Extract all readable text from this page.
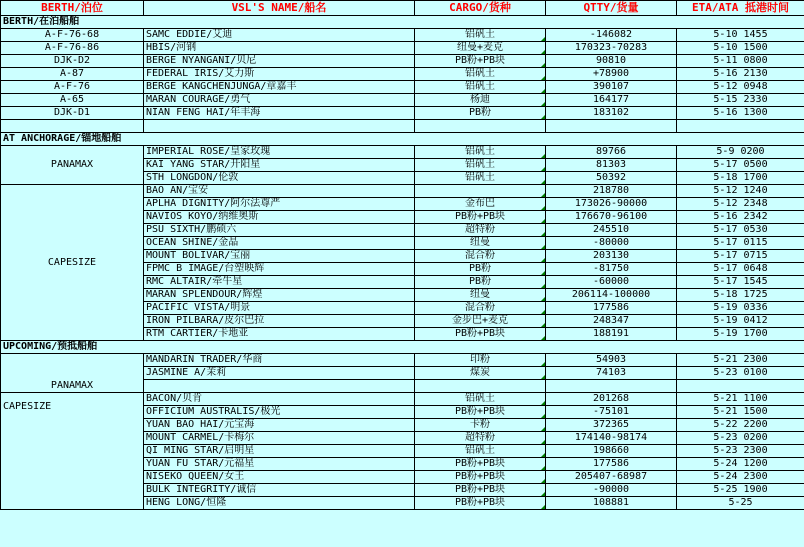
BERTH/泊位	VSL'S NAME/船名	CARGO/货种	QTTY/货量	ETA/ATA 抵港时间
BERTH/在泊船舶				
A-F-76-68	SAMC EDDIE/艾迪	铝矾土	-146082	5-10 1455
A-F-76-86	HBIS/河钢	纽曼+麦克	170323-70283	5-10 1500
DJK-D2	BERGE NYANGANI/贝尼	PB粉+PB块	90810	5-11 0800
A-87	FEDERAL IRIS/艾力斯	铝矾土	+78900	5-16 2130
A-F-76	BERGE KANGCHENJUNGA/章嘉丰	铝矾土	390107	5-12 0948
A-65	MARAN COURAGE/勇气	杨迪	164177	5-15 2330
DJK-D1	NIAN FENG HAI/年丰海	PB粉	183102	5-16 1300

AT ANCHORAGE/锚地船舶				
PANAMAX	IMPERIAL ROSE/皇家玫瑰	铝矾土	89766	5-9 0200
	KAI YANG STAR/开阳星	铝矾土	81303	5-17 0500
	STH LONGDON/伦敦	铝矾土	50392	5-18 1700
CAPESIZE	BAO AN/宝安		218780	5-12 1240
	APLHA DIGNITY/阿尔法尊严	金布巴	173026-90000	5-12 2348
	NAVIOS KOYO/纳维奥斯	PB粉+PB块	176670-96100	5-16 2342
	PSU SIXTH/鹏硕六	超特粉	245510	5-17 0530
	OCEAN SHINE/金晶	纽曼	-80000	5-17 0115
	MOUNT BOLIVAR/宝丽	混合粉	203130	5-17 0715
	FPMC B IMAGE/台塑映辉	PB粉	-81750	5-17 0648
	RMC ALTAIR/牵牛星	PB粉	-60000	5-17 1545
	MARAN SPLENDOUR/辉煌	纽曼	206114-100000	5-18 1725
	PACIFIC VISTA/明景	混合粉	177586	5-19 0336
	IRON PILBARA/皮尔巴拉	金步巴+麦克	248347	5-19 0412
	RTM CARTIER/卡地亚	PB粉+PB块	188191	5-19 1700
UPCOMING/预抵船舶				
PANAMAX	MANDARIN TRADER/华商	印粉	54903	5-21 2300
	JASMINE A/茉莉	煤炭	74103	5-23 0100

CAPESIZE	BACON/贝肯	铝矾土	201268	5-21 1100
	OFFICIUM AUSTRALIS/极光	PB粉+PB块	-75101	5-21 1500
	YUAN BAO HAI/元宝海	卡粉	372365	5-22 2200
	MOUNT CARMEL/卡梅尔	超特粉	174140-98174	5-23 0200
	QI MING STAR/启明星	铝矾土	198660	5-23 2300
	YUAN FU STAR/元福星	PB粉+PB块	177586	5-24 1200
	NISEKO QUEEN/女王	PB粉+PB块	205407-68987	5-24 2300
	BULK INTEGRITY/诚信	PB粉+PB块	-90000	5-25 1900
	HENG LONG/恒隆	PB粉+PB块	108881	5-25
